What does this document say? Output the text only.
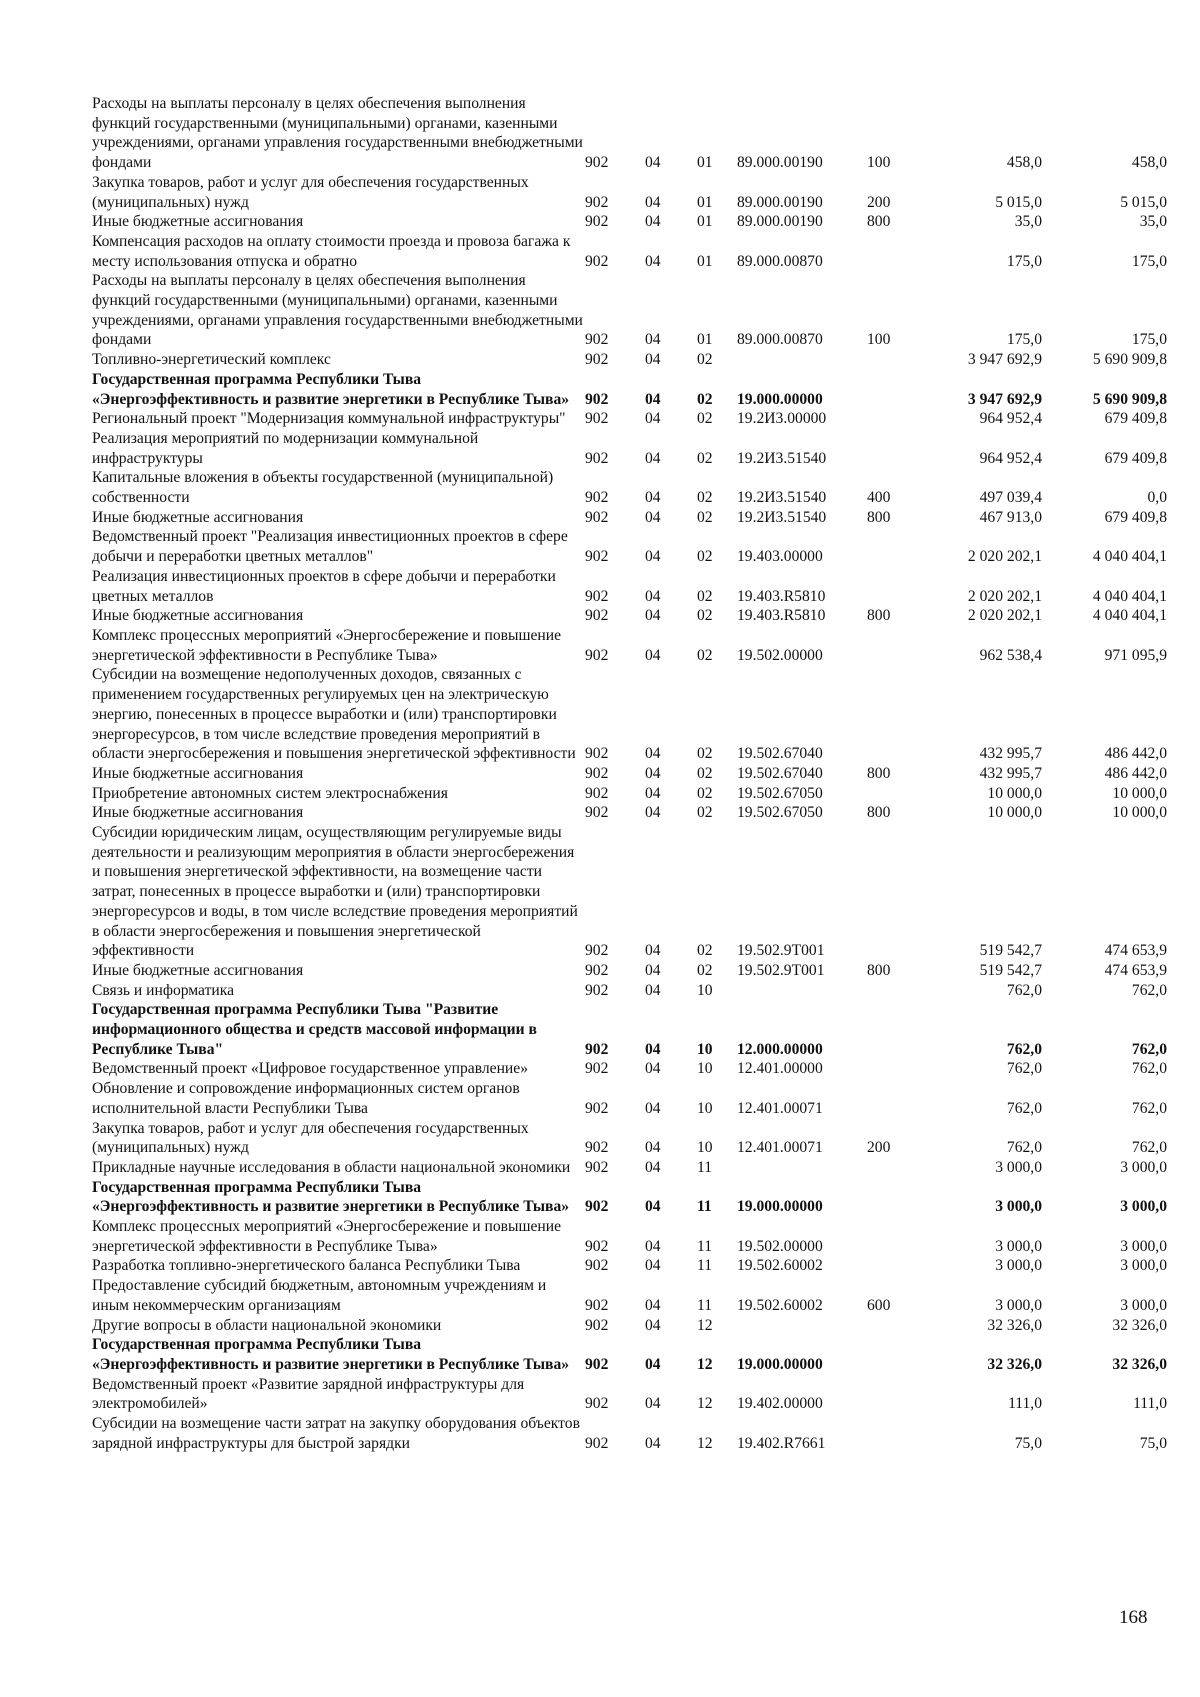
Расходы на выплаты персоналу в целях обеспечения выполнения функций государственными (муниципальными) органами, казенными учреждениями, органами управления государственными внебюджетными фондами	902	04	01	89.000.00190	100	458,0	458,0
Закупка товаров, работ и услуг для обеспечения государственных (муниципальных) нужд	902	04	01	89.000.00190	200	5 015,0	5 015,0
Иные бюджетные ассигнования	902	04	01	89.000.00190	800	35,0	35,0
Компенсация расходов на оплату стоимости проезда и провоза багажа к месту использования отпуска и обратно	902	04	01	89.000.00870		175,0	175,0
Расходы на выплаты персоналу в целях обеспечения выполнения функций государственными (муниципальными) органами, казенными учреждениями, органами управления государственными внебюджетными фондами	902	04	01	89.000.00870	100	175,0	175,0
Топливно-энергетический комплекс	902	04	02			3 947 692,9	5 690 909,8
Государственная программа Республики Тыва «Энергоэффективность и развитие энергетики в Республике Тыва»	902	04	02	19.000.00000		3 947 692,9	5 690 909,8
Региональный проект "Модернизация коммунальной инфраструктуры"	902	04	02	19.2И3.00000		964 952,4	679 409,8
Реализация мероприятий по модернизации коммунальной инфраструктуры	902	04	02	19.2И3.51540		964 952,4	679 409,8
Капитальные вложения в объекты государственной (муниципальной) собственности	902	04	02	19.2И3.51540	400	497 039,4	0,0
Иные бюджетные ассигнования	902	04	02	19.2И3.51540	800	467 913,0	679 409,8
Ведомственный проект "Реализация инвестиционных проектов в сфере добычи и переработки цветных металлов"	902	04	02	19.403.00000		2 020 202,1	4 040 404,1
Реализация инвестиционных проектов в сфере добычи и переработки цветных металлов	902	04	02	19.403.R5810		2 020 202,1	4 040 404,1
Иные бюджетные ассигнования	902	04	02	19.403.R5810	800	2 020 202,1	4 040 404,1
Комплекс процессных мероприятий «Энергосбережение и повышение энергетической эффективности в Республике Тыва»	902	04	02	19.502.00000		962 538,4	971 095,9
Субсидии на возмещение недополученных доходов, связанных с применением государственных регулируемых цен на электрическую энергию, понесенных в процессе выработки и (или) транспортировки энергоресурсов, в том числе вследствие проведения мероприятий в области энергосбережения и повышения энергетической эффективности	902	04	02	19.502.67040		432 995,7	486 442,0
Иные бюджетные ассигнования	902	04	02	19.502.67040	800	432 995,7	486 442,0
Приобретение автономных систем электроснабжения	902	04	02	19.502.67050		10 000,0	10 000,0
Иные бюджетные ассигнования	902	04	02	19.502.67050	800	10 000,0	10 000,0
Субсидии юридическим лицам, осуществляющим регулируемые виды деятельности и реализующим мероприятия в области энергосбережения и повышения энергетической эффективности, на возмещение части затрат, понесенных в процессе выработки и (или) транспортировки энергоресурсов и воды, в том числе вследствие проведения мероприятий в области энергосбережения и повышения энергетической эффективности	902	04	02	19.502.9Т001		519 542,7	474 653,9
Иные бюджетные ассигнования	902	04	02	19.502.9Т001	800	519 542,7	474 653,9
Связь и информатика	902	04	10			762,0	762,0
Государственная программа Республики Тыва "Развитие информационного общества и средств массовой информации в Республике Тыва"	902	04	10	12.000.00000		762,0	762,0
Ведомственный проект «Цифровое государственное управление»	902	04	10	12.401.00000		762,0	762,0
Обновление и сопровождение информационных систем органов исполнительной власти Республики Тыва	902	04	10	12.401.00071		762,0	762,0
Закупка товаров, работ и услуг для обеспечения государственных (муниципальных) нужд	902	04	10	12.401.00071	200	762,0	762,0
Прикладные научные исследования в области национальной экономики	902	04	11			3 000,0	3 000,0
Государственная программа Республики Тыва «Энергоэффективность и развитие энергетики в Республике Тыва»	902	04	11	19.000.00000		3 000,0	3 000,0
Комплекс процессных мероприятий «Энергосбережение и повышение энергетической эффективности в Республике Тыва»	902	04	11	19.502.00000		3 000,0	3 000,0
Разработка топливно-энергетического баланса Республики Тыва	902	04	11	19.502.60002		3 000,0	3 000,0
Предоставление субсидий бюджетным, автономным учреждениям и иным некоммерческим организациям	902	04	11	19.502.60002	600	3 000,0	3 000,0
Другие вопросы в области национальной экономики	902	04	12			32 326,0	32 326,0
Государственная программа Республики Тыва «Энергоэффективность и развитие энергетики в Республике Тыва»	902	04	12	19.000.00000		32 326,0	32 326,0
Ведомственный проект «Развитие зарядной инфраструктуры для электромобилей»	902	04	12	19.402.00000		111,0	111,0
Субсидии на возмещение части затрат на закупку оборудования объектов зарядной инфраструктуры для быстрой зарядки	902	04	12	19.402.R7661		75,0	75,0
168
